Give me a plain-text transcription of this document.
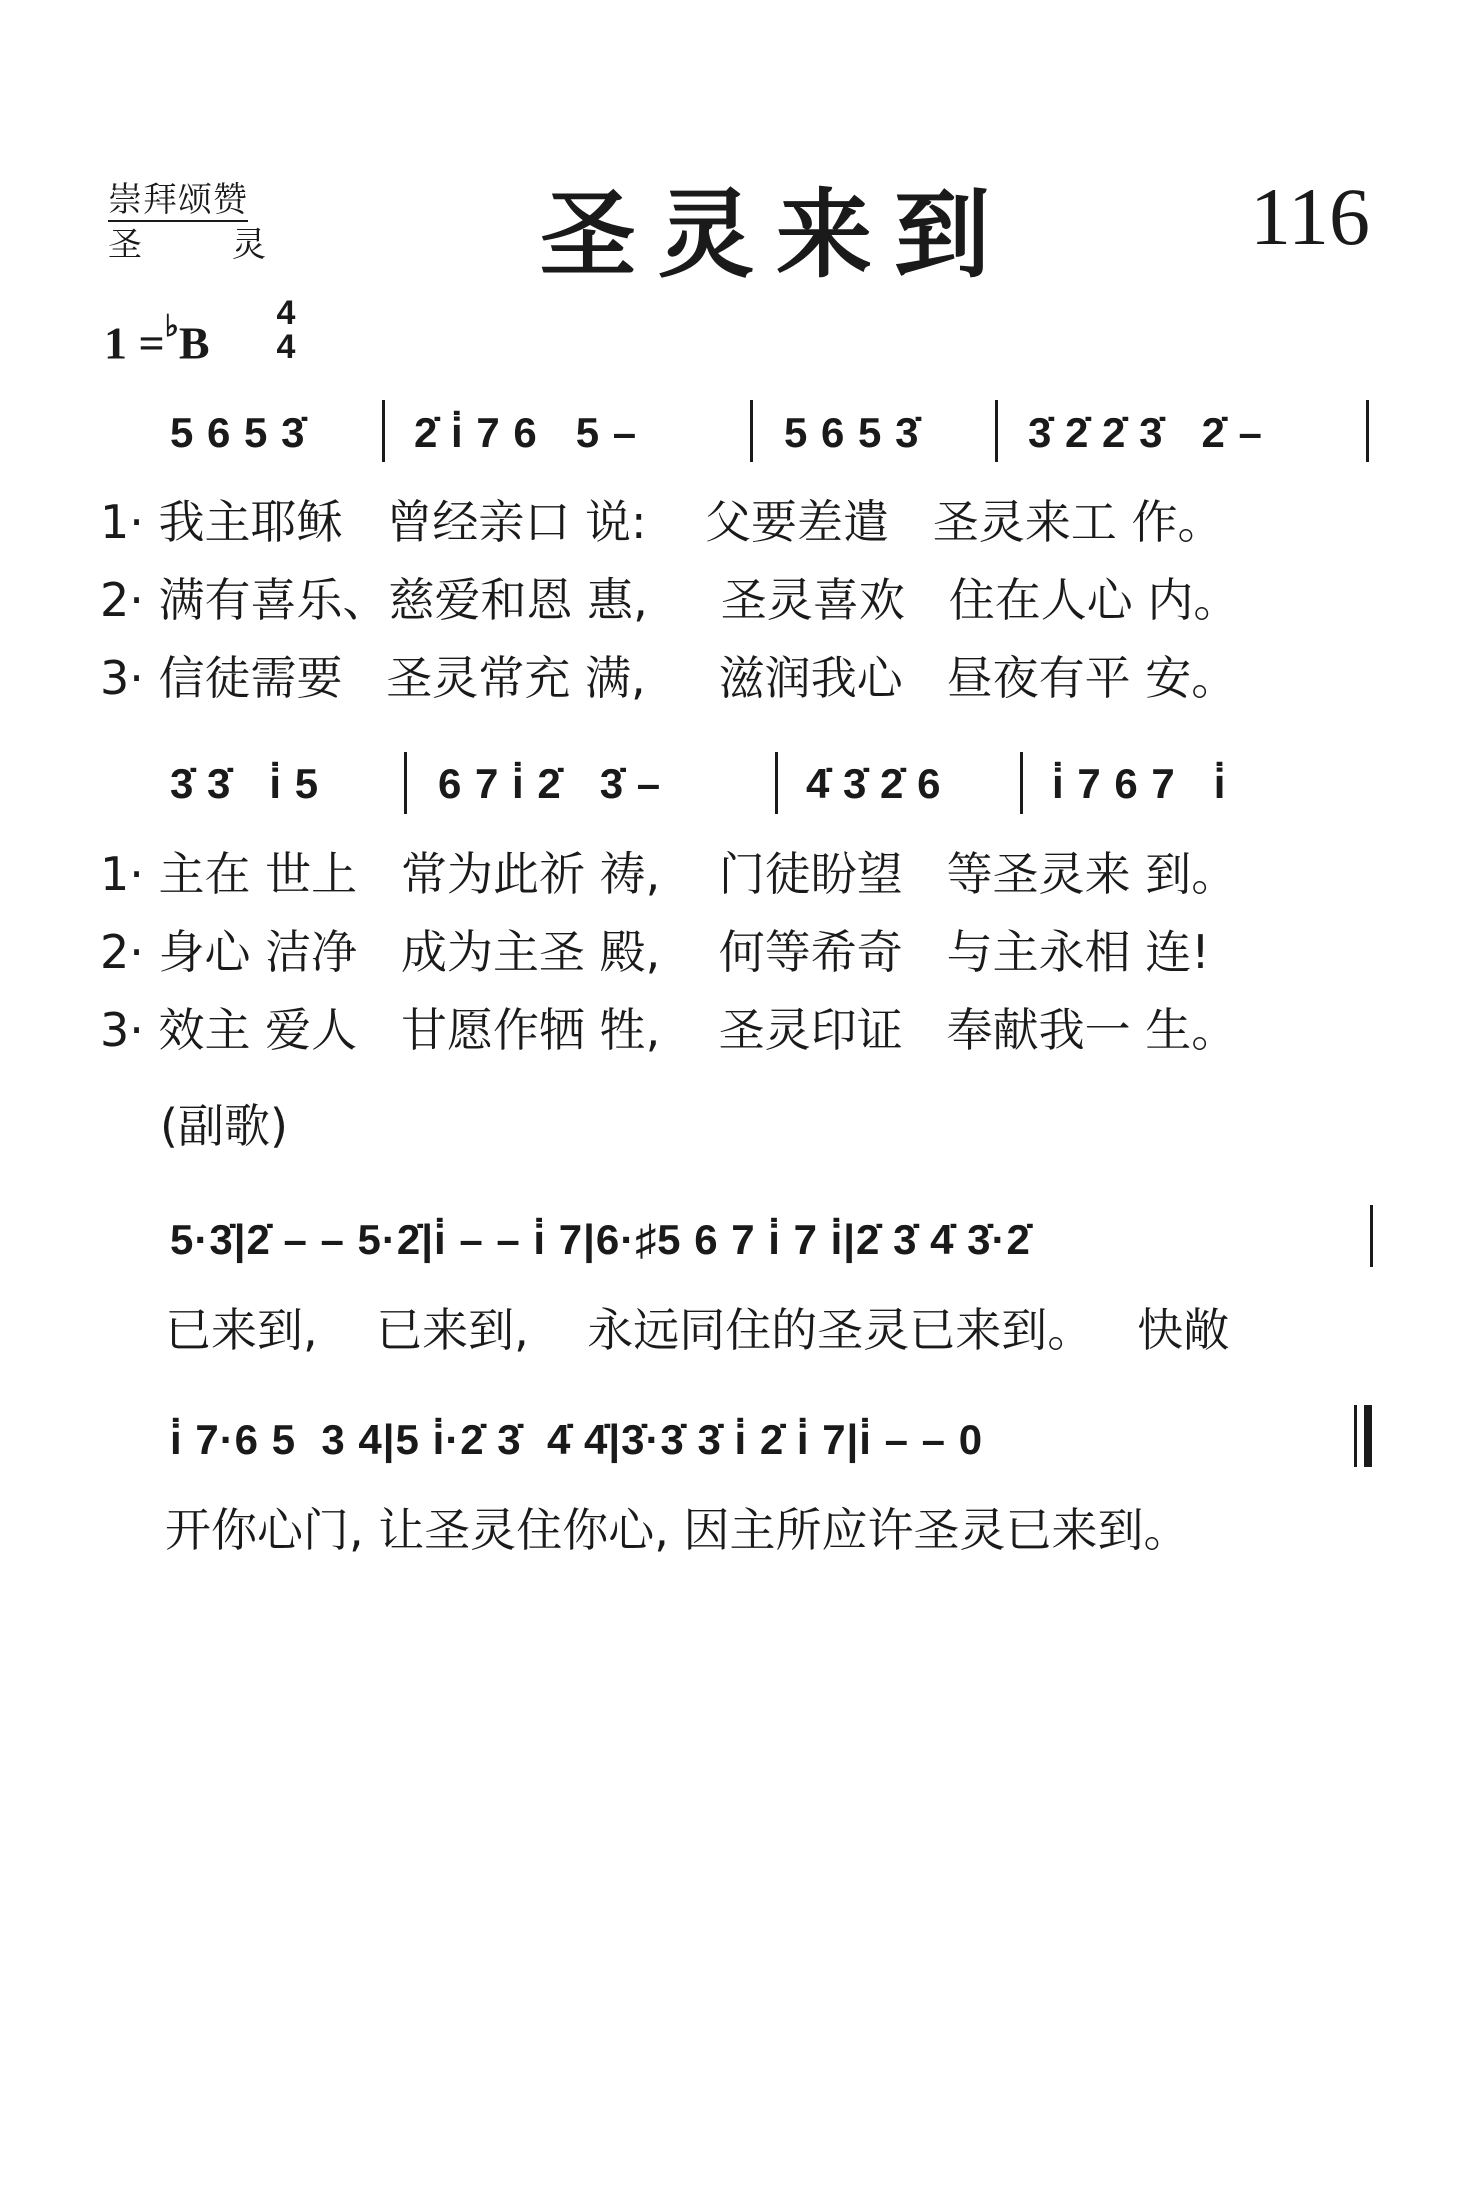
崇拜颂赞
圣	灵	圣灵来到	116
1 =♭B
4
4
5 6 5 3̇	2̇ i̇ 7 6   5 –	5 6 5 3̇	3̇ 2̇ 2̇ 3̇   2̇ –
1· 我主耶稣   曾经亲口 说:    父要差遣   圣灵来工 作。
2· 满有喜乐、慈爱和恩 惠,     圣灵喜欢   住在人心 内。
3· 信徒需要   圣灵常充 满,     滋润我心   昼夜有平 安。
3̇ 3̇   i̇ 5	6 7 i̇ 2̇   3̇ –	4̇ 3̇ 2̇ 6	i̇ 7 6 7   i̇
1· 主在 世上   常为此祈 祷,    门徒盼望   等圣灵来 到。
2· 身心 洁净   成为主圣 殿,    何等希奇   与主永相 连!
3· 效主 爱人   甘愿作牺 牲,    圣灵印证   奉献我一 生。
(副歌)
5·3̇|2̇ – – 5·2̇|i̇ – – i̇ 7|6·♯5 6 7 i̇ 7 i̇|2̇ 3̇ 4̇ 3̇·2̇
已来到,    已来到,    永远同住的圣灵已来到。   快敞
i̇ 7·6 5  3 4|5 i̇·2̇ 3̇  4̇ 4̇|3̇·3̇ 3̇ i̇ 2̇ i̇ 7|i̇ – – 0
开你心门, 让圣灵住你心, 因主所应许圣灵已来到。
